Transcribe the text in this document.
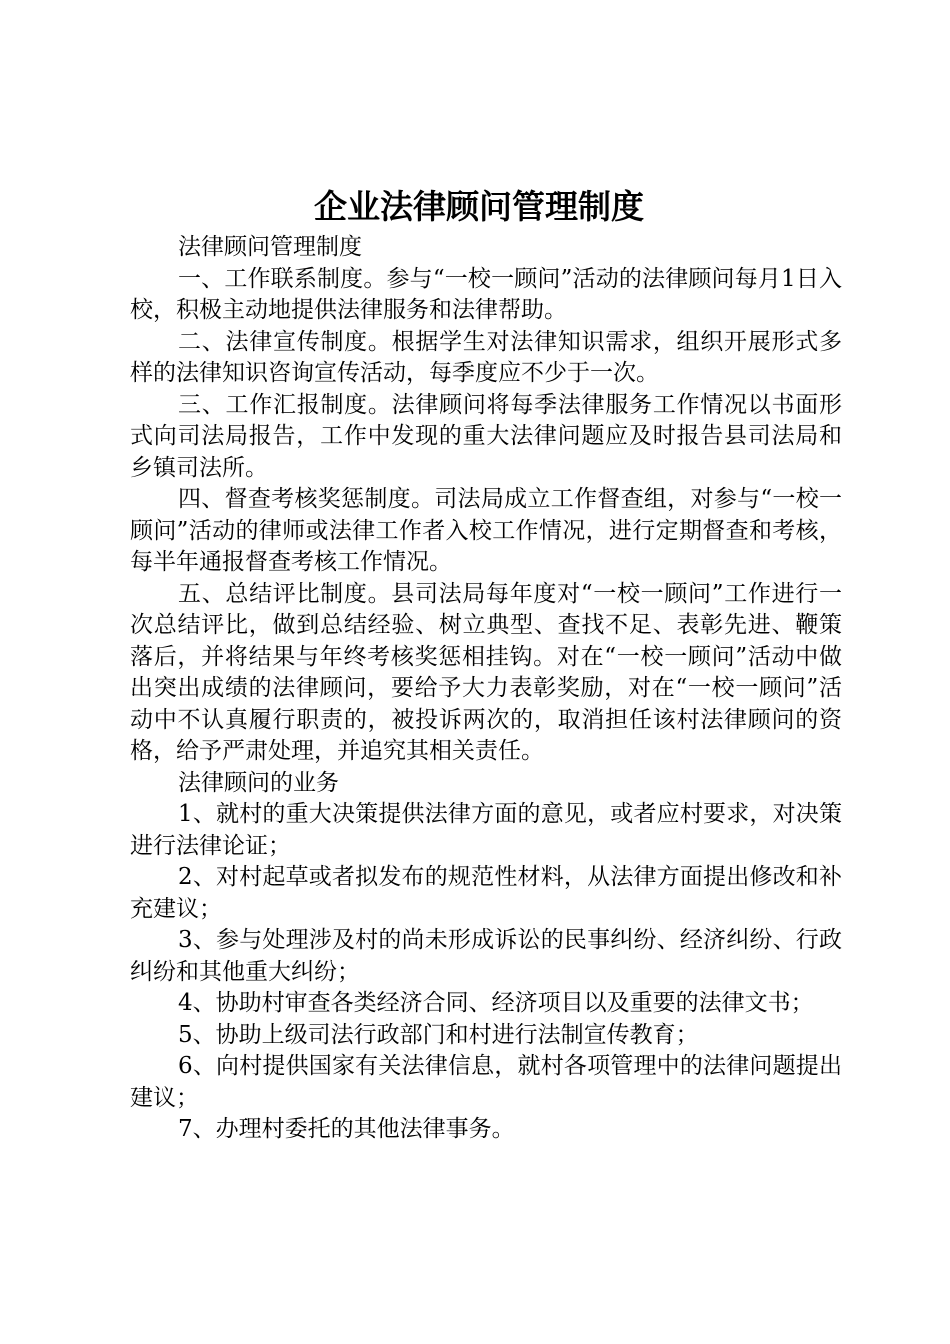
企业法律顾问管理制度

法律顾问管理制度

一、工作联系制度。参与“一校一顾问”活动的法律顾问每月1日入校，积极主动地提供法律服务和法律帮助。

二、法律宣传制度。根据学生对法律知识需求，组织开展形式多样的法律知识咨询宣传活动，每季度应不少于一次。

三、工作汇报制度。法律顾问将每季法律服务工作情况以书面形式向司法局报告，工作中发现的重大法律问题应及时报告县司法局和乡镇司法所。

四、督查考核奖惩制度。司法局成立工作督查组，对参与“一校一顾问”活动的律师或法律工作者入校工作情况，进行定期督查和考核，每半年通报督查考核工作情况。

五、总结评比制度。县司法局每年度对“一校一顾问”工作进行一次总结评比，做到总结经验、树立典型、查找不足、表彰先进、鞭策落后，并将结果与年终考核奖惩相挂钩。对在“一校一顾问”活动中做出突出成绩的法律顾问，要给予大力表彰奖励，对在“一校一顾问”活动中不认真履行职责的，被投诉两次的，取消担任该村法律顾问的资格，给予严肃处理，并追究其相关责任。

法律顾问的业务

1、就村的重大决策提供法律方面的意见，或者应村要求，对决策进行法律论证；

2、对村起草或者拟发布的规范性材料，从法律方面提出修改和补充建议；

3、参与处理涉及村的尚未形成诉讼的民事纠纷、经济纠纷、行政纠纷和其他重大纠纷；

4、协助村审查各类经济合同、经济项目以及重要的法律文书；

5、协助上级司法行政部门和村进行法制宣传教育；

6、向村提供国家有关法律信息，就村各项管理中的法律问题提出建议；

7、办理村委托的其他法律事务。
